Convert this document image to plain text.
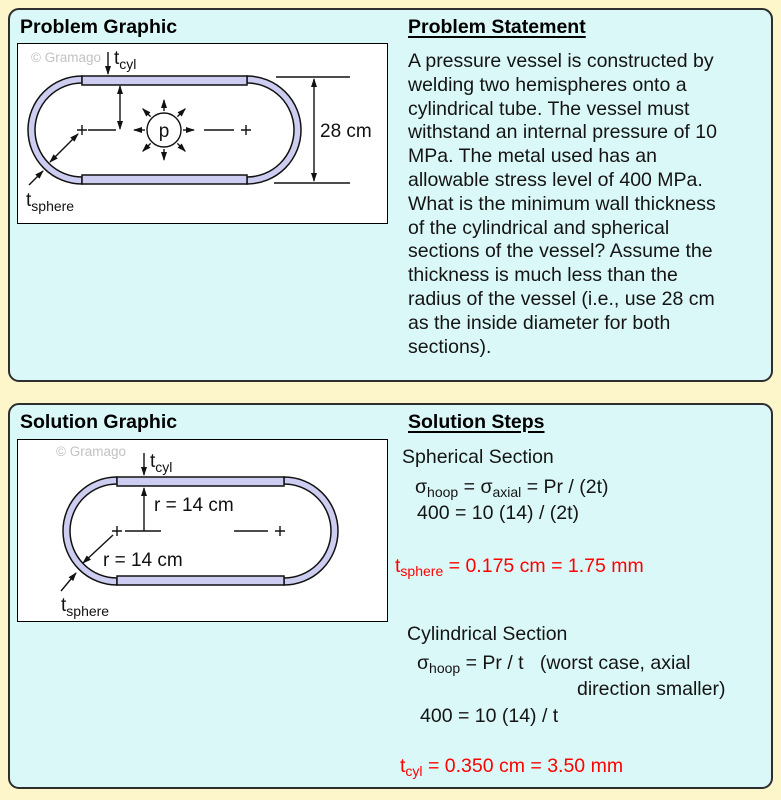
Problem Graphic
p
$t_{cyl}$
$t_{sphere}$
28 cm
© Gramago
Problem Statement
A pressure vessel is constructed by
welding two hemispheres onto a
cylindrical tube. The vessel must
withstand an internal pressure of 10
MPa. The metal used has an
allowable stress level of 400 MPa.
What is the minimum wall thickness
of the cylindrical and spherical
sections of the vessel? Assume the
thickness is much less than the
radius of the vessel (i.e., use 28 cm
as the inside diameter for both
sections).
Solution Graphic
r = 14 cm
r = 14 cm
$t_{cyl}$
$t_{sphere}$
© Gramago
Solution Steps
Spherical Section
$\sigma_{hoop} = \sigma_{axial} = Pr / (2t)$
400 = 10 (14) / (2t)
$t_{sphere} = 0.175$ cm = 1.75 mm
Cylindrical Section
$\sigma_{hoop} = Pr / t$   (worst case, axial
direction smaller)
400 = 10 (14) / t
$t_{cyl} = 0.350$ cm = 3.50 mm
